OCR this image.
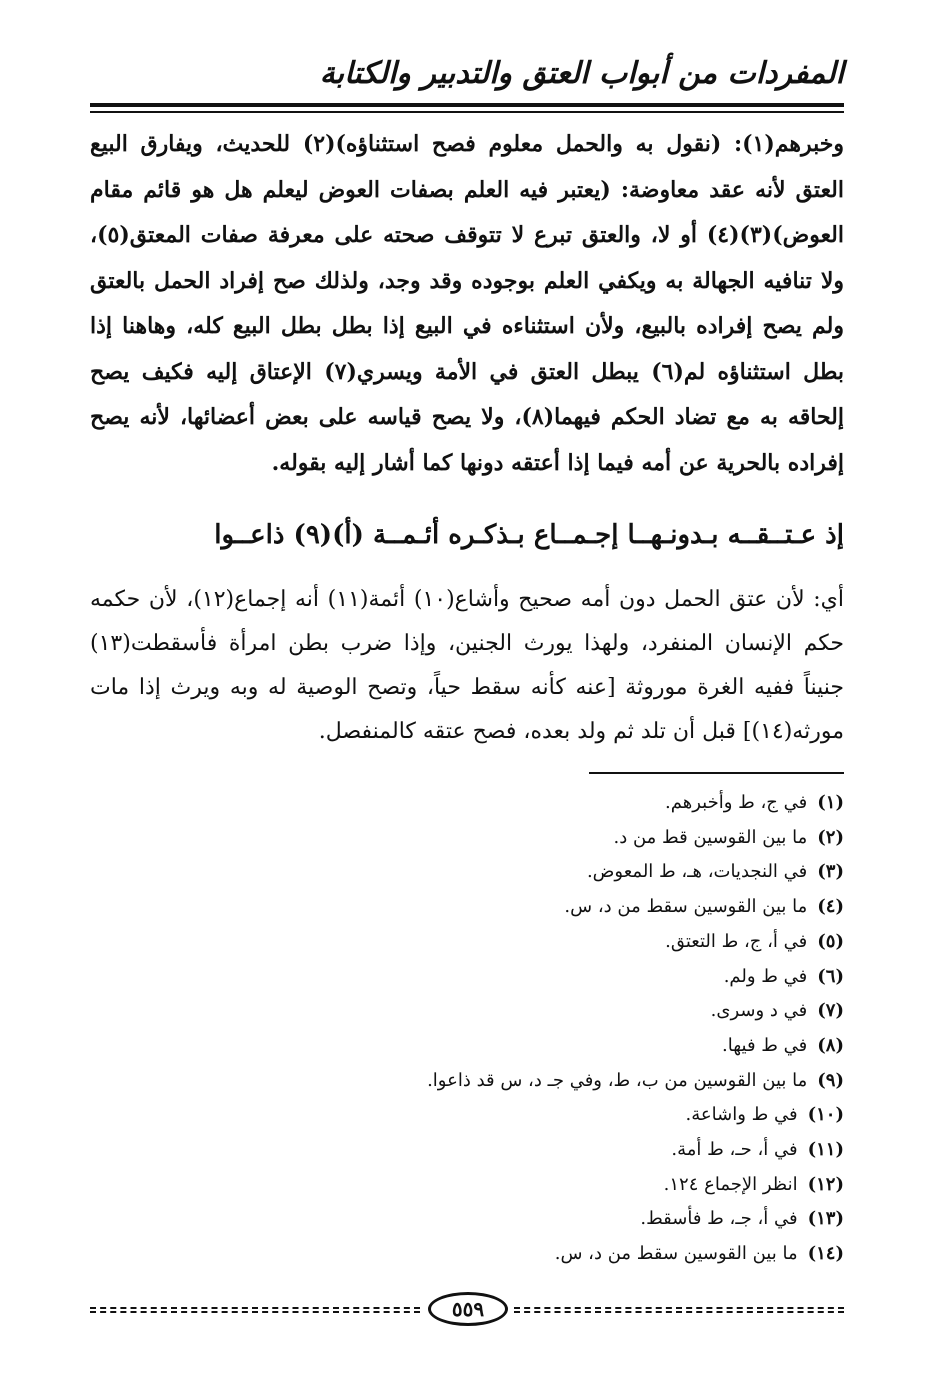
المفردات من أبواب العتق والتدبير والكتابة

وخبرهم(١): (نقول به والحمل معلوم فصح استثناؤه)(٢) للحديث، ويفارق البيع العتق لأنه عقد معاوضة: (يعتبر فيه العلم بصفات العوض ليعلم هل هو قائم مقام العوض)(٣)(٤) أو لا، والعتق تبرع لا تتوقف صحته على معرفة صفات المعتق(٥)، ولا تنافيه الجهالة به ويكفي العلم بوجوده وقد وجد، ولذلك صح إفراد الحمل بالعتق ولم يصح إفراده بالبيع، ولأن استثناءه في البيع إذا بطل بطل البيع كله، وهاهنا إذا بطل استثناؤه لم(٦) يبطل العتق في الأمة ويسري(٧) الإعتاق إليه فكيف يصح إلحاقه به مع تضاد الحكم فيهما(٨)، ولا يصح قياسه على بعض أعضائها، لأنه يصح إفراده بالحرية عن أمه فيما إذا أعتقه دونها كما أشار إليه بقوله.

إذ عـتــقــه بـدونـهــا إجـمــاع بـذكـره أئـمــة (أ)(٩) ذاعــوا

أي: لأن عتق الحمل دون أمه صحيح وأشاع(١٠) أئمة(١١) أنه إجماع(١٢)، لأن حكمه حكم الإنسان المنفرد، ولهذا يورث الجنين، وإذا ضرب بطن امرأة فأسقطت(١٣) جنيناً ففيه الغرة موروثة [عنه كأنه سقط حياً، وتصح الوصية له وبه ويرث إذا مات مورثه(١٤)] قبل أن تلد ثم ولد بعده، فصح عتقه كالمنفصل.

(١)في ج، ط وأخبرهم.
(٢)ما بين القوسين قط من د.
(٣)في النجديات، هـ، ط المعوض.
(٤)ما بين القوسين سقط من د، س.
(٥)في أ، ج، ط التعتق.
(٦)في ط ولم.
(٧)في د وسرى.
(٨)في ط فيها.
(٩)ما بين القوسين من ب، ط، وفي جـ د، س قد ذاعوا.
(١٠)في ط واشاعة.
(١١)في أ، حـ، ط أمة.
(١٢)انظر الإجماع ١٢٤.
(١٣)في أ، جـ، ط فأسقط.
(١٤)ما بين القوسين سقط من د، س.
٥٥٩
